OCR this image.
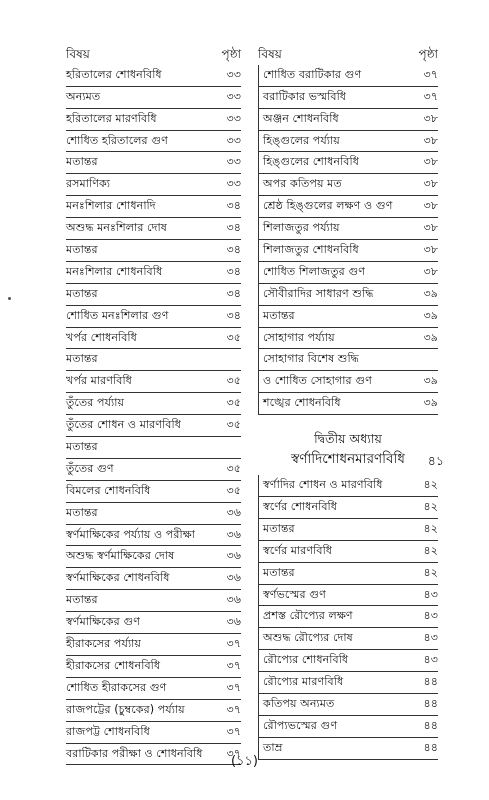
বিষয়	পৃষ্ঠা
হরিতালের শোধনবিধি	৩৩
অন্যমত	৩৩
হরিতালের মারণবিধি	৩৩
শোধিত হরিতালের গুণ	৩৩
মতান্তর	৩৩
রসমাণিক্য	৩৩
মনঃশিলার শোধনাদি	৩৪
অশুদ্ধ মনঃশিলার দোষ	৩৪
মতান্তর	৩৪
মনঃশিলার শোধনবিধি	৩৪
মতান্তর	৩৪
শোধিত মনঃশিলার গুণ	৩৪
খর্পর শোধনবিধি	৩৫
মতান্তর
খর্পর মারণবিধি	৩৫
তুঁতের পর্য্যায়	৩৫
তুঁতের শোধন ও মারণবিধি	৩৫
মতান্তর
তুঁতের গুণ	৩৫
বিমলের শোধনবিধি	৩৫
মতান্তর	৩৬
স্বর্ণমাক্ষিকের পর্য্যায় ও পরীক্ষা	৩৬
অশুদ্ধ স্বর্ণমাক্ষিকের দোষ	৩৬
স্বর্ণমাক্ষিকের শোধনবিধি	৩৬
মতান্তর	৩৬
স্বর্ণমাক্ষিকের গুণ	৩৬
হীরাকসের পর্য্যায়	৩৭
হীরাকসের শোধনবিধি	৩৭
শোধিত হীরাকসের গুণ	৩৭
রাজপট্টের (চুম্বকের) পর্য্যায়	৩৭
রাজপট্ট শোধনবিধি	৩৭
বরাটিকার পরীক্ষা ও শোধনবিধি ৩৭
বিষয়	পৃষ্ঠা
শোধিত বরাটিকার গুণ	৩৭
বরাটিকার ভস্মবিধি	৩৭
অঞ্জন শোধনবিধি	৩৮
হিঙ্গুলের পর্য্যায়	৩৮
হিঙ্গুলের শোধনবিধি	৩৮
অপর কতিপয় মত	৩৮
শ্রেষ্ঠ হিঙ্গুলের লক্ষণ ও গুণ	৩৮
শিলাজতুর পর্য্যায়	৩৮
শিলাজতুর শোধনবিধি	৩৮
শোধিত শিলাজতুর গুণ	৩৮
সৌবীরাদির সাধারণ শুদ্ধি	৩৯
মতান্তর	৩৯
সোহাগার পর্য্যায়	৩৯
সোহাগার বিশেষ শুদ্ধি
ও শোধিত সোহাগার গুণ	৩৯
শঙ্খের শোধনবিধি	৩৯
দ্বিতীয় অধ্যায়
স্বর্ণাদিশোধনমারণবিধি	৪১
স্বর্ণাদির শোধন ও মারণবিধি	৪২
স্বর্ণের শোধনবিধি	৪২
মতান্তর	৪২
স্বর্ণের মারণবিধি	৪২
মতান্তর	৪২
স্বর্ণভস্মের গুণ	৪৩
প্রশস্ত রৌপ্যের লক্ষণ	৪৩
অশুদ্ধ রৌপ্যের দোষ	৪৩
রৌপ্যের শোধনবিধি	৪৩
রৌপ্যের মারণবিধি	৪৪
কতিপয় অন্যমত	৪৪
রৌপ্যভস্মের গুণ	৪৪
তাম্র	৪৪
(১১)
